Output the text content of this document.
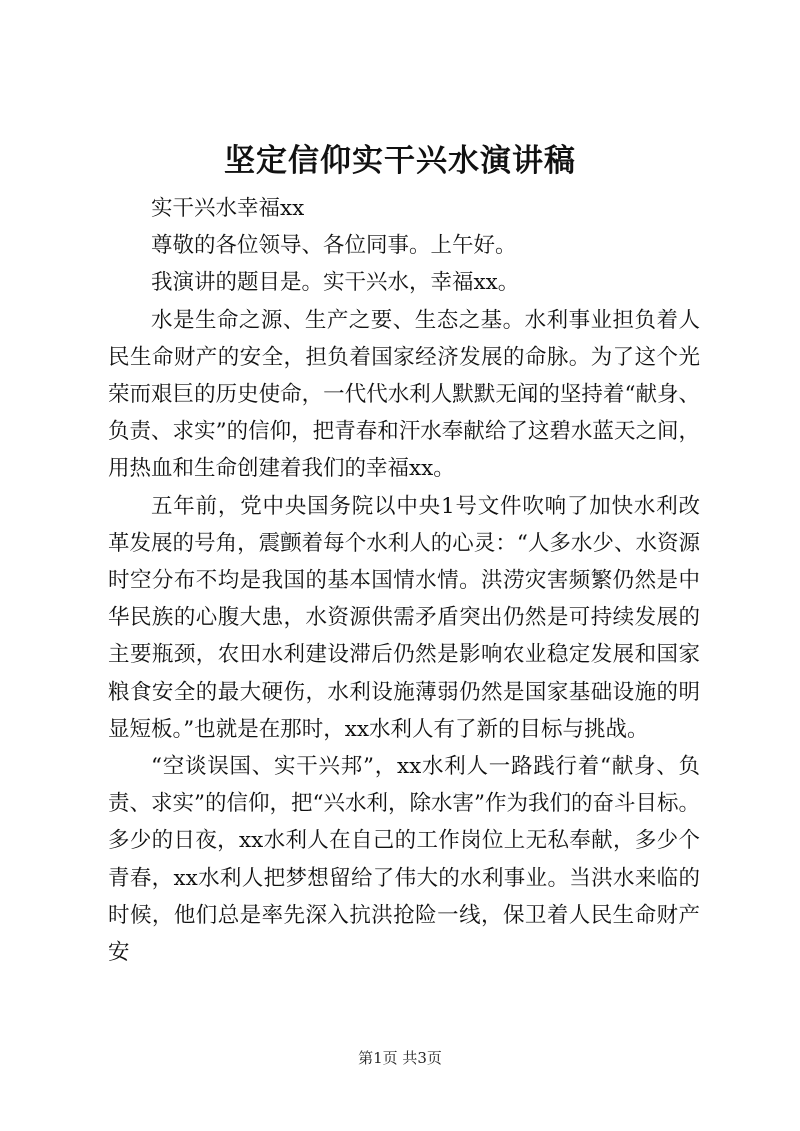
坚定信仰实干兴水演讲稿

实干兴水幸福xx

尊敬的各位领导、各位同事。上午好。

我演讲的题目是。实干兴水，幸福xx。

水是生命之源、生产之要、生态之基。水利事业担负着人民生命财产的安全，担负着国家经济发展的命脉。为了这个光荣而艰巨的历史使命，一代代水利人默默无闻的坚持着“献身、负责、求实”的信仰，把青春和汗水奉献给了这碧水蓝天之间，用热血和生命创建着我们的幸福xx。

五年前，党中央国务院以中央1号文件吹响了加快水利改革发展的号角，震颤着每个水利人的心灵：“人多水少、水资源时空分布不均是我国的基本国情水情。洪涝灾害频繁仍然是中华民族的心腹大患，水资源供需矛盾突出仍然是可持续发展的主要瓶颈，农田水利建设滞后仍然是影响农业稳定发展和国家粮食安全的最大硬伤，水利设施薄弱仍然是国家基础设施的明显短板。”也就是在那时，xx水利人有了新的目标与挑战。

“空谈误国、实干兴邦”，xx水利人一路践行着“献身、负责、求实”的信仰，把“兴水利，除水害”作为我们的奋斗目标。多少的日夜，xx水利人在自己的工作岗位上无私奉献，多少个青春，xx水利人把梦想留给了伟大的水利事业。当洪水来临的时候，他们总是率先深入抗洪抢险一线，保卫着人民生命财产安

第1页 共3页
